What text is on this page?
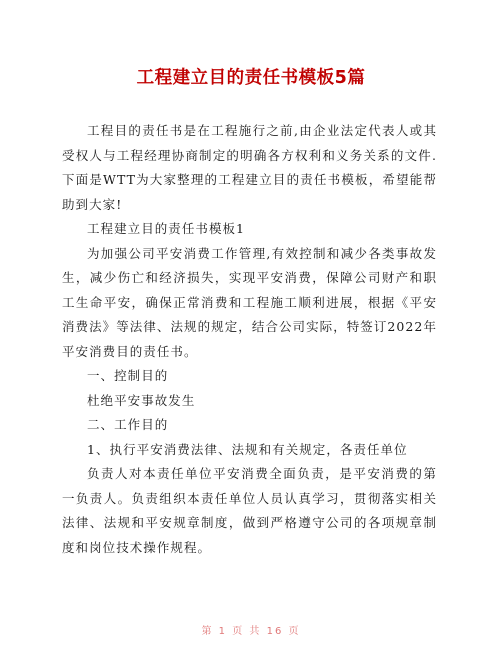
工程建立目的责任书模板5篇

工程目的责任书是在工程施行之前,由企业法定代表人或其受权人与工程经理协商制定的明确各方权利和义务关系的文件.下面是WTT为大家整理的工程建立目的责任书模板，希望能帮助到大家!

工程建立目的责任书模板1

为加强公司平安消费工作管理,有效控制和减少各类事故发生，减少伤亡和经济损失，实现平安消费，保障公司财产和职工生命平安，确保正常消费和工程施工顺利进展，根据《平安消费法》等法律、法规的规定，结合公司实际，特签订2022年平安消费目的责任书。

一、控制目的

杜绝平安事故发生

二、工作目的

1、执行平安消费法律、法规和有关规定，各责任单位

负责人对本责任单位平安消费全面负责，是平安消费的第一负责人。负责组织本责任单位人员认真学习，贯彻落实相关法律、法规和平安规章制度，做到严格遵守公司的各项规章制度和岗位技术操作规程。

第 1 页 共 16 页
